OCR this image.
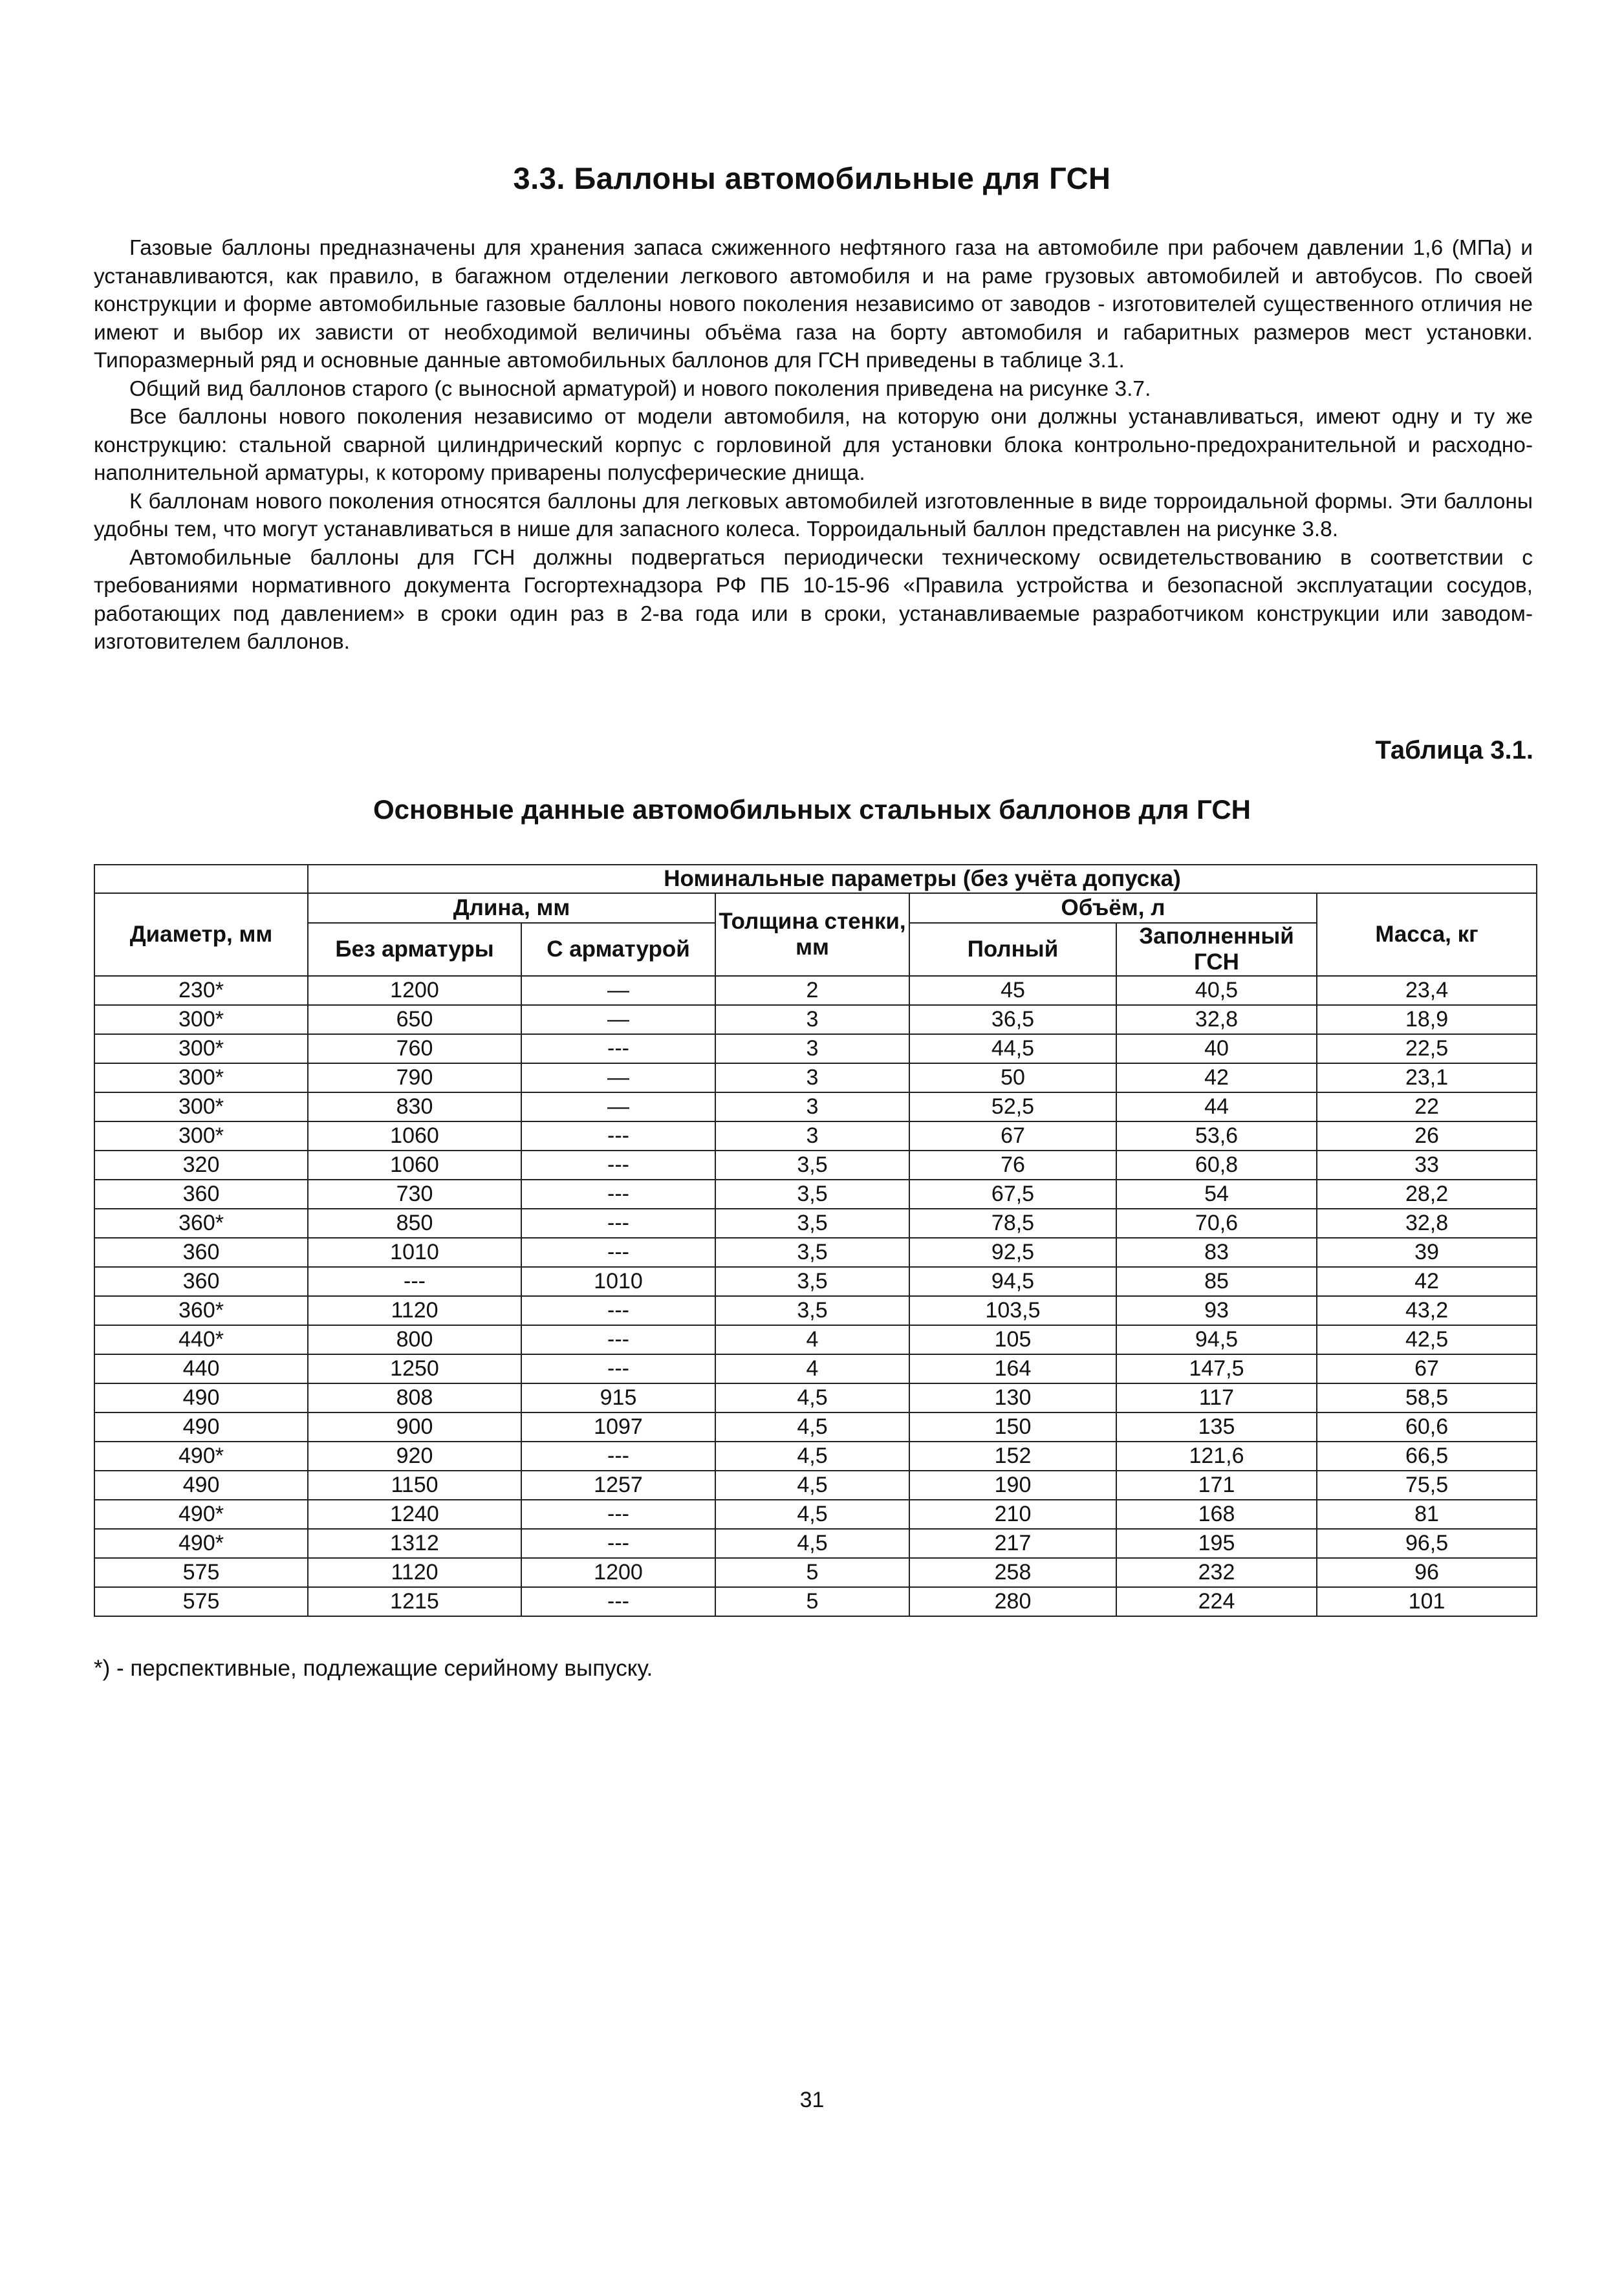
3.3. Баллоны автомобильные для ГСН

Газовые баллоны предназначены для хранения запаса сжиженного нефтяного газа на автомобиле при рабочем давлении 1,6 (МПа) и устанавливаются, как правило, в багажном отделении легкового автомобиля и на раме грузовых автомобилей и автобусов. По своей конструкции и форме автомобильные газовые баллоны нового поколения независимо от заводов - изготовителей существенного отличия не имеют и выбор их зависти от необходимой величины объёма газа на борту автомобиля и габаритных размеров мест установки. Типоразмерный ряд и основные данные автомобильных баллонов для ГСН приведены в таблице 3.1.

Общий вид баллонов старого (с выносной арматурой) и нового поколения приведена на рисунке 3.7.

Все баллоны нового поколения независимо от модели автомобиля, на которую они должны устанавливаться, имеют одну и ту же конструкцию: стальной сварной цилиндрический корпус с горловиной для установки блока контрольно-предохранительной и расходно-наполнительной арматуры, к которому приварены полусферические днища.

К баллонам нового поколения относятся баллоны для легковых автомобилей изготовленные в виде торроидальной формы. Эти баллоны удобны тем, что могут устанавливаться в нише для запасного колеса. Торроидальный баллон представлен на рисунке 3.8.

Автомобильные баллоны для ГСН должны подвергаться периодически техническому освидетельствованию в соответствии с требованиями нормативного документа Госгортехнадзора РФ ПБ 10-15-96 «Правила устройства и безопасной эксплуатации сосудов, работающих под давлением» в сроки один раз в 2-ва года или в сроки, устанавливаемые разработчиком конструкции или заводом-изготовителем баллонов.

Таблица 3.1.
Основные данные автомобильных стальных баллонов для ГСН
	Номинальные параметры (без учёта допуска)					
Диаметр, мм	Длина, мм		Толщина стенки, мм	Объём, л		Масса, кг
	Без арматуры	С арматурой		Полный	Заполненный ГСН	
230*	1200	—	2	45	40,5	23,4
300*	650	—	3	36,5	32,8	18,9
300*	760	---	3	44,5	40	22,5
300*	790	—	3	50	42	23,1
300*	830	—	3	52,5	44	22
300*	1060	---	3	67	53,6	26
320	1060	---	3,5	76	60,8	33
360	730	---	3,5	67,5	54	28,2
360*	850	---	3,5	78,5	70,6	32,8
360	1010	---	3,5	92,5	83	39
360	---	1010	3,5	94,5	85	42
360*	1120	---	3,5	103,5	93	43,2
440*	800	---	4	105	94,5	42,5
440	1250	---	4	164	147,5	67
490	808	915	4,5	130	117	58,5
490	900	1097	4,5	150	135	60,6
490*	920	---	4,5	152	121,6	66,5
490	1150	1257	4,5	190	171	75,5
490*	1240	---	4,5	210	168	81
490*	1312	---	4,5	217	195	96,5
575	1120	1200	5	258	232	96
575	1215	---	5	280	224	101
*) - перспективные, подлежащие серийному выпуску.
31
